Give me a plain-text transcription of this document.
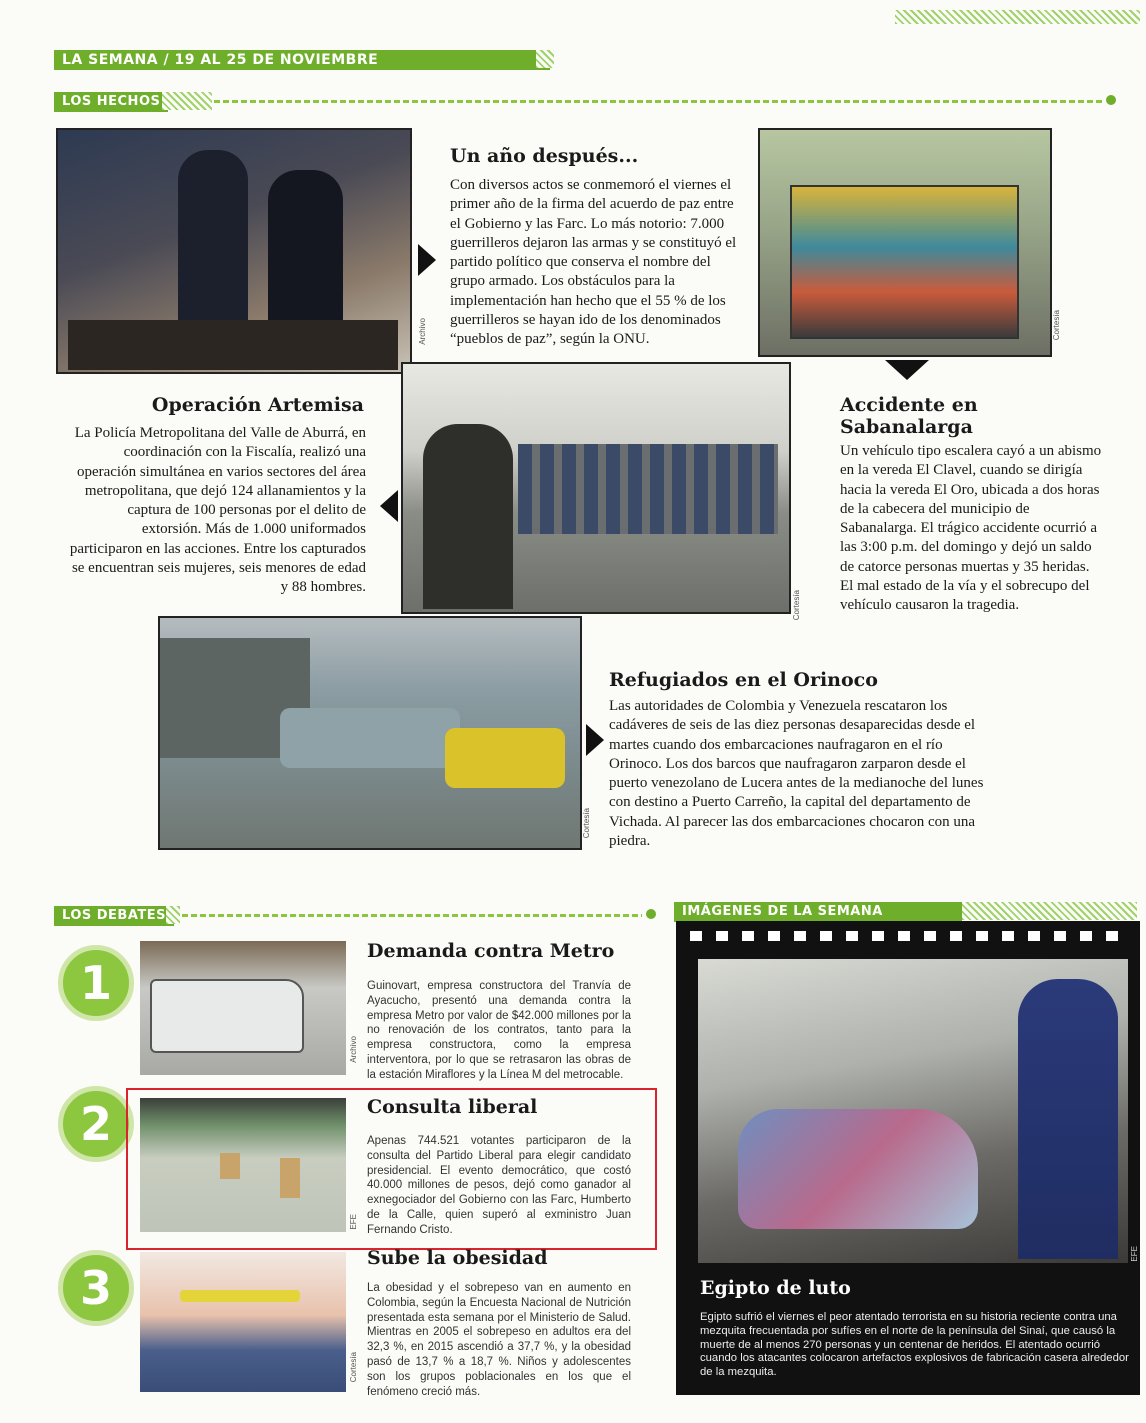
LA SEMANA / 19 AL 25 DE NOVIEMBRE
LOS HECHOS
Archivo
Un año después...
Con diversos actos se conmemoró el viernes el primer año de la firma del acuerdo de paz entre el Gobierno y las Farc. Lo más notorio: 7.000 guerrilleros dejaron las armas y se constituyó el partido político que conserva el nombre del grupo armado. Los obstáculos para la implementación han hecho que el 55 % de los guerrilleros se hayan ido de los denominados “pueblos de paz”, según la ONU.	Cortesía
Operación Artemisa
La Policía Metropolitana del Valle de Aburrá, en coordinación con la Fiscalía, realizó una operación simultánea en varios sectores del área metropolitana, que dejó 124 allanamientos y la captura de 100 personas por el delito de extorsión. Más de 1.000 uniformados participaron en las acciones. Entre los capturados se encuentran seis mujeres, seis menores de edad y 88 hombres.
Cortesía
Accidente en Sabanalarga
Un vehículo tipo escalera cayó a un abismo en la vereda El Clavel, cuando se dirigía hacia la vereda El Oro, ubicada a dos horas de la cabecera del municipio de Sabanalarga. El trágico accidente ocurrió a las 3:00 p.m. del domingo y dejó un saldo de catorce personas muertas y 35 heridas. El mal estado de la vía y el sobrecupo del vehículo causaron la tragedia.
Cortesía
Refugiados en el Orinoco
Las autoridades de Colombia y Venezuela rescataron los cadáveres de seis de las diez personas desaparecidas desde el martes cuando dos embarcaciones naufragaron en el río Orinoco. Los dos barcos que naufragaron zarparon desde el puerto venezolano de Lucera antes de la medianoche del lunes con destino a Puerto Carreño, la capital del departamento de Vichada. Al parecer las dos embarcaciones chocaron con una piedra.
LOS DEBATES
1
Archivo
Demanda contra Metro
Guinovart, empresa constructora del Tranvía de Ayacucho, presentó una demanda contra la empresa Metro por valor de $42.000 millones por la no renovación de los contratos, tanto para la empresa constructora, como la empresa interventora, por lo que se retrasaron las obras de la estación Miraflores y la Línea M del metrocable.
2
EFE
Consulta liberal
Apenas 744.521 votantes participaron de la consulta del Partido Liberal para elegir candidato presidencial. El evento democrático, que costó 40.000 millones de pesos, dejó como ganador al exnegociador del Gobierno con las Farc, Humberto de la Calle, quien superó al exministro Juan Fernando Cristo.
3
Cortesía
Sube la obesidad
La obesidad y el sobrepeso van en aumento en Colombia, según la Encuesta Nacional de Nutrición presentada esta semana por el Ministerio de Salud. Mientras en 2005 el sobrepeso en adultos era del 32,3 %, en 2015 ascendió a 37,7 %, y la obesidad pasó de 13,7 % a 18,7 %. Niños y adolescentes son los grupos poblacionales en los que el fenómeno creció más.
IMÁGENES DE LA SEMANA
EFE
Egipto de luto
Egipto sufrió el viernes el peor atentado terrorista en su historia reciente contra una mezquita frecuentada por sufíes en el norte de la península del Sinaí, que causó la muerte de al menos 270 personas y un centenar de heridos. El atentado ocurrió cuando los atacantes colocaron artefactos explosivos de fabricación casera alrededor de la mezquita.
